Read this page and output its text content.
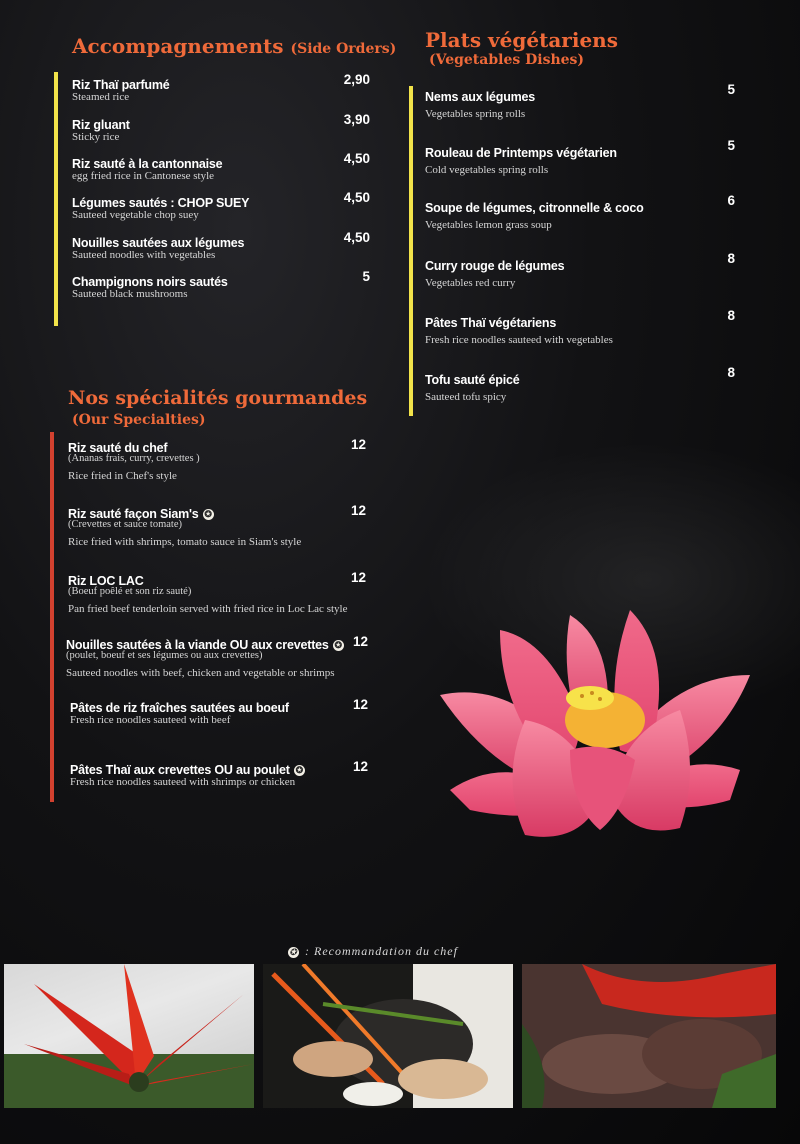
Accompagnements (Side Orders)
Riz Thaï parfumé
Steamed rice
2,90
Riz gluant
Sticky rice
3,90
Riz sauté à la cantonnaise
egg fried rice in Cantonese style
4,50
Légumes sautés : CHOP SUEY
Sauteed vegetable chop suey
4,50
Nouilles sautées aux légumes
Sauteed noodles with vegetables
4,50
Champignons noirs sautés
Sauteed black mushrooms
5
Plats végétariens
(Vegetables Dishes)
Nems aux légumes
Vegetables spring rolls
5
Rouleau de Printemps végétarien
Cold vegetables spring rolls
5
Soupe de légumes, citronnelle & coco
Vegetables lemon grass soup
6
Curry rouge de légumes
Vegetables red curry
8
Pâtes Thaï végétariens
Fresh rice noodles sauteed with vegetables
8
Tofu sauté épicé
Sauteed tofu spicy
8
Nos spécialités gourmandes
(Our Specialties)
Riz sauté du chef
(Ananas frais, curry, crevettes )
Rice fried in Chef's style
12
Riz sauté façon Siam's ✪
(Crevettes et sauce tomate)
Rice fried with shrimps, tomato sauce in Siam's style
12
Riz LOC LAC
(Boeuf poêlé et son riz sauté)
Pan fried beef tenderloin served with fried rice in Loc Lac style
12
Nouilles sautées à la viande OU aux crevettes ✪
(poulet, boeuf et ses légumes ou aux crevettes)
Sauteed noodles with beef, chicken and vegetable or shrimps
12
Pâtes de riz fraîches sautées au boeuf
Fresh rice noodles sauteed with beef
12
Pâtes Thaï aux crevettes OU au poulet ✪
Fresh rice noodles sauteed with shrimps or chicken
12
✪ : Recommandation du chef
